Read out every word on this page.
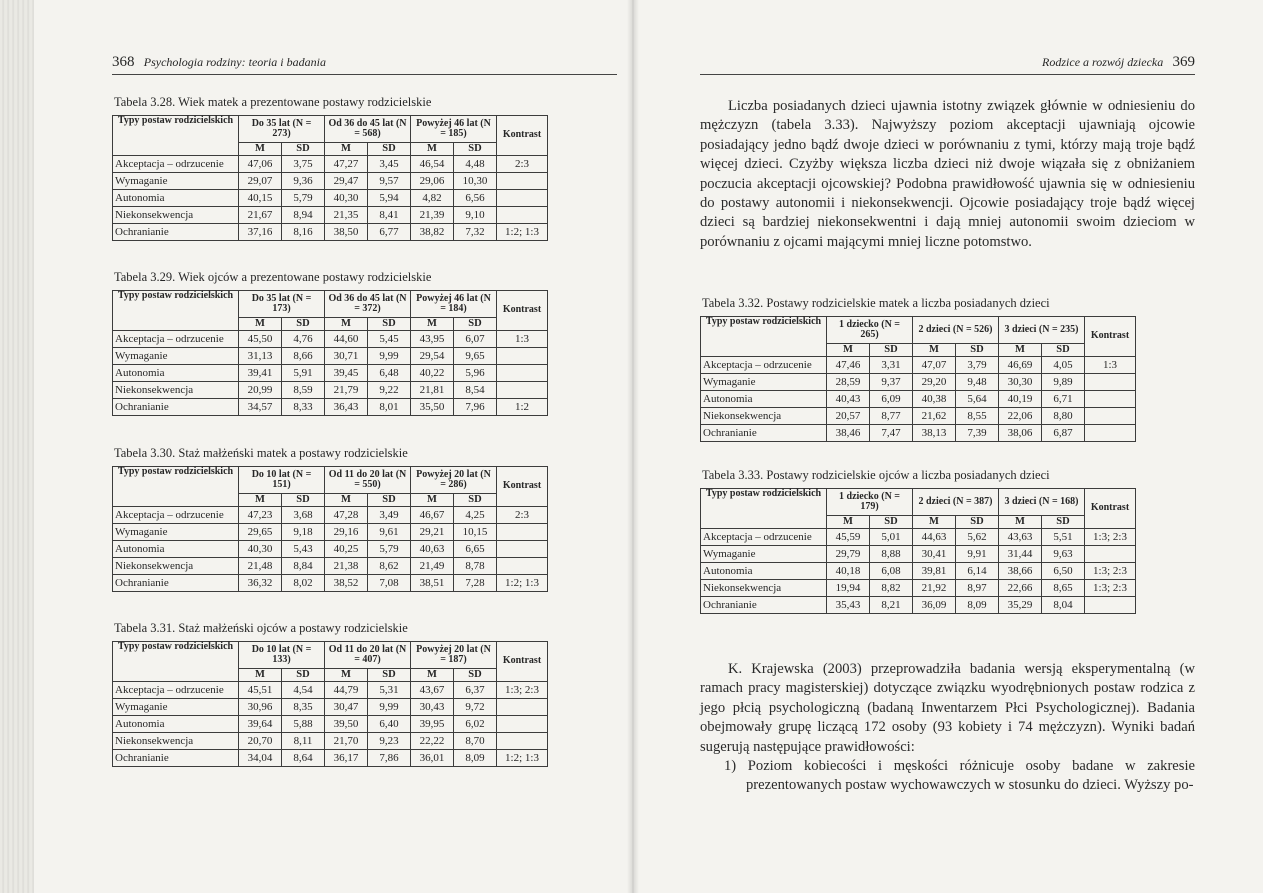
368 Psychologia rodziny: teoria i badania
Tabela 3.28. Wiek matek a prezentowane postawy rodzicielskie
Typy postaw rodzicielskich	Do 35 lat (N = 273)		Od 36 do 45 lat (N = 568)		Powyżej 46 lat (N = 185)		Kontrast
	M	SD	M	SD	M	SD	
Akceptacja – odrzucenie	47,06	3,75	47,27	3,45	46,54	4,48	2:3
Wymaganie	29,07	9,36	29,47	9,57	29,06	10,30	
Autonomia	40,15	5,79	40,30	5,94	4,82	6,56	
Niekonsekwencja	21,67	8,94	21,35	8,41	21,39	9,10	
Ochranianie	37,16	8,16	38,50	6,77	38,82	7,32	1:2; 1:3
Tabela 3.29. Wiek ojców a prezentowane postawy rodzicielskie
Typy postaw rodzicielskich	Do 35 lat (N = 173)		Od 36 do 45 lat (N = 372)		Powyżej 46 lat (N = 184)		Kontrast
	M	SD	M	SD	M	SD	
Akceptacja – odrzucenie	45,50	4,76	44,60	5,45	43,95	6,07	1:3
Wymaganie	31,13	8,66	30,71	9,99	29,54	9,65	
Autonomia	39,41	5,91	39,45	6,48	40,22	5,96	
Niekonsekwencja	20,99	8,59	21,79	9,22	21,81	8,54	
Ochranianie	34,57	8,33	36,43	8,01	35,50	7,96	1:2
Tabela 3.30. Staż małżeński matek a postawy rodzicielskie
Typy postaw rodzicielskich	Do 10 lat (N = 151)		Od 11 do 20 lat (N = 550)		Powyżej 20 lat (N = 286)		Kontrast
	M	SD	M	SD	M	SD	
Akceptacja – odrzucenie	47,23	3,68	47,28	3,49	46,67	4,25	2:3
Wymaganie	29,65	9,18	29,16	9,61	29,21	10,15	
Autonomia	40,30	5,43	40,25	5,79	40,63	6,65	
Niekonsekwencja	21,48	8,84	21,38	8,62	21,49	8,78	
Ochranianie	36,32	8,02	38,52	7,08	38,51	7,28	1:2; 1:3
Tabela 3.31. Staż małżeński ojców a postawy rodzicielskie
Typy postaw rodzicielskich	Do 10 lat (N = 133)		Od 11 do 20 lat (N = 407)		Powyżej 20 lat (N = 187)		Kontrast
	M	SD	M	SD	M	SD	
Akceptacja – odrzucenie	45,51	4,54	44,79	5,31	43,67	6,37	1:3; 2:3
Wymaganie	30,96	8,35	30,47	9,99	30,43	9,72	
Autonomia	39,64	5,88	39,50	6,40	39,95	6,02	
Niekonsekwencja	20,70	8,11	21,70	9,23	22,22	8,70	
Ochranianie	34,04	8,64	36,17	7,86	36,01	8,09	1:2; 1:3
Rodzice a rozwój dziecka 369

Liczba posiadanych dzieci ujawnia istotny związek głównie w odniesieniu do mężczyzn (tabela 3.33). Najwyższy poziom akceptacji ujawniają ojcowie posiadający jedno bądź dwoje dzieci w porównaniu z tymi, którzy mają troje bądź więcej dzieci. Czyżby większa liczba dzieci niż dwoje wiązała się z obniżaniem poczucia akceptacji ojcowskiej? Podobna prawidłowość ujawnia się w odniesieniu do postawy autonomii i niekonsekwencji. Ojcowie posiadający troje bądź więcej dzieci są bardziej niekonsekwentni i dają mniej autonomii swoim dzieciom w porównaniu z ojcami mającymi mniej liczne potomstwo.

Tabela 3.32. Postawy rodzicielskie matek a liczba posiadanych dzieci
Typy postaw rodzicielskich	1 dziecko (N = 265)		2 dzieci (N = 526)		3 dzieci (N = 235)		Kontrast
	M	SD	M	SD	M	SD	
Akceptacja – odrzucenie	47,46	3,31	47,07	3,79	46,69	4,05	1:3
Wymaganie	28,59	9,37	29,20	9,48	30,30	9,89	
Autonomia	40,43	6,09	40,38	5,64	40,19	6,71	
Niekonsekwencja	20,57	8,77	21,62	8,55	22,06	8,80	
Ochranianie	38,46	7,47	38,13	7,39	38,06	6,87	
Tabela 3.33. Postawy rodzicielskie ojców a liczba posiadanych dzieci
Typy postaw rodzicielskich	1 dziecko (N = 179)		2 dzieci (N = 387)		3 dzieci (N = 168)		Kontrast
	M	SD	M	SD	M	SD	
Akceptacja – odrzucenie	45,59	5,01	44,63	5,62	43,63	5,51	1:3; 2:3
Wymaganie	29,79	8,88	30,41	9,91	31,44	9,63	
Autonomia	40,18	6,08	39,81	6,14	38,66	6,50	1:3; 2:3
Niekonsekwencja	19,94	8,82	21,92	8,97	22,66	8,65	1:3; 2:3
Ochranianie	35,43	8,21	36,09	8,09	35,29	8,04	

K. Krajewska (2003) przeprowadziła badania wersją eksperymentalną (w ramach pracy magisterskiej) dotyczące związku wyodrębnionych postaw rodzica z jego płcią psychologiczną (badaną Inwentarzem Płci Psychologicznej). Badania obejmowały grupę liczącą 172 osoby (93 kobiety i 74 mężczyzn). Wyniki badań sugerują następujące prawidłowości:

1) Poziom kobiecości i męskości różnicuje osoby badane w zakresie prezentowanych postaw wychowawczych w stosunku do dzieci. Wyższy po-
